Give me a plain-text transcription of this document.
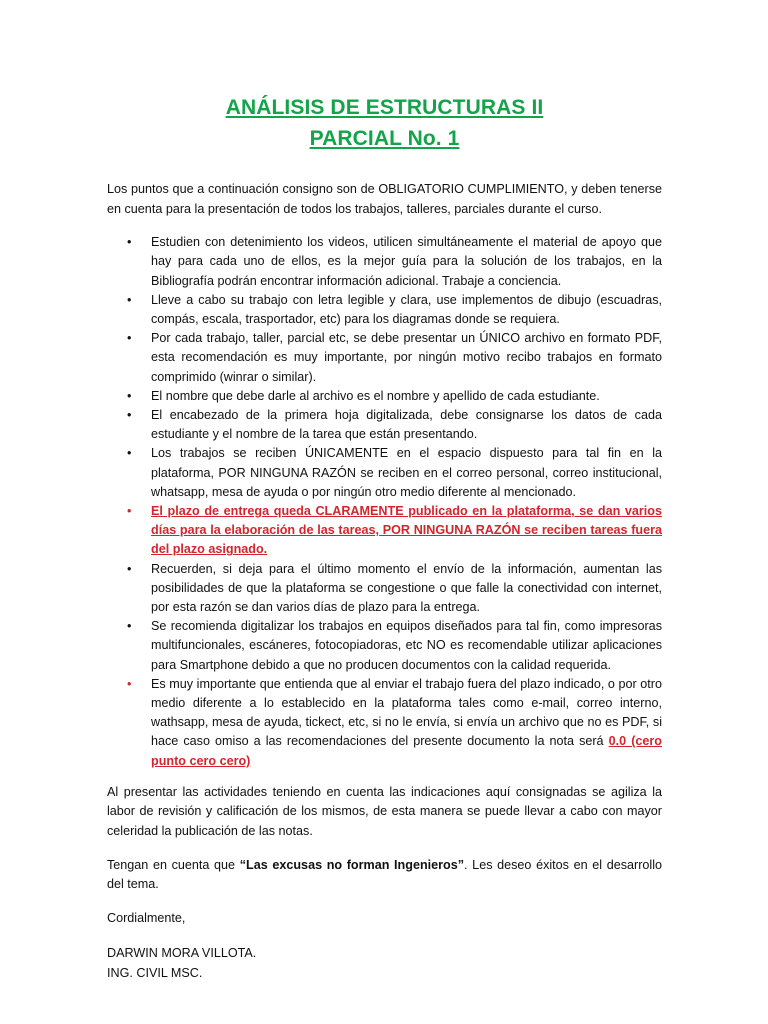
ANÁLISIS DE ESTRUCTURAS II
PARCIAL No. 1

Los puntos que a continuación consigno son de OBLIGATORIO CUMPLIMIENTO, y deben tenerse en cuenta para la presentación de todos los trabajos, talleres, parciales durante el curso.

• Estudien con detenimiento los videos, utilicen simultáneamente el material de apoyo que hay para cada uno de ellos, es la mejor guía para la solución de los trabajos, en la Bibliografía podrán encontrar información adicional. Trabaje a conciencia.
• Lleve a cabo su trabajo con letra legible y clara, use implementos de dibujo (escuadras, compás, escala, trasportador, etc) para los diagramas donde se requiera.
• Por cada trabajo, taller, parcial etc, se debe presentar un ÚNICO archivo en formato PDF, esta recomendación es muy importante, por ningún motivo recibo trabajos en formato comprimido (winrar o similar).
• El nombre que debe darle al archivo es el nombre y apellido de cada estudiante.
• El encabezado de la primera hoja digitalizada, debe consignarse los datos de cada estudiante y el nombre de la tarea que están presentando.
• Los trabajos se reciben ÚNICAMENTE en el espacio dispuesto para tal fin en la plataforma, POR NINGUNA RAZÓN se reciben en el correo personal, correo institucional, whatsapp, mesa de ayuda o por ningún otro medio diferente al mencionado.
• El plazo de entrega queda CLARAMENTE publicado en la plataforma, se dan varios días para la elaboración de las tareas, POR NINGUNA RAZÓN se reciben tareas fuera del plazo asignado.
• Recuerden, si deja para el último momento el envío de la información, aumentan las posibilidades de que la plataforma se congestione o que falle la conectividad con internet, por esta razón se dan varios días de plazo para la entrega.
• Se recomienda digitalizar los trabajos en equipos diseñados para tal fin, como impresoras multifuncionales, escáneres, fotocopiadoras, etc NO es recomendable utilizar aplicaciones para Smartphone debido a que no producen documentos con la calidad requerida.
• Es muy importante que entienda que al enviar el trabajo fuera del plazo indicado, o por otro medio diferente a lo establecido en la plataforma tales como e-mail, correo interno, wathsapp, mesa de ayuda, tickect, etc, si no le envía, si envía un archivo que no es PDF, si hace caso omiso a las recomendaciones del presente documento la nota será 0.0 (cero punto cero cero)

Al presentar las actividades teniendo en cuenta las indicaciones aquí consignadas se agiliza la labor de revisión y calificación de los mismos, de esta manera se puede llevar a cabo con mayor celeridad la publicación de las notas.

Tengan en cuenta que “Las excusas no forman Ingenieros”. Les deseo éxitos en el desarrollo del tema.

Cordialmente,

DARWIN MORA VILLOTA.

ING. CIVIL MSC.
